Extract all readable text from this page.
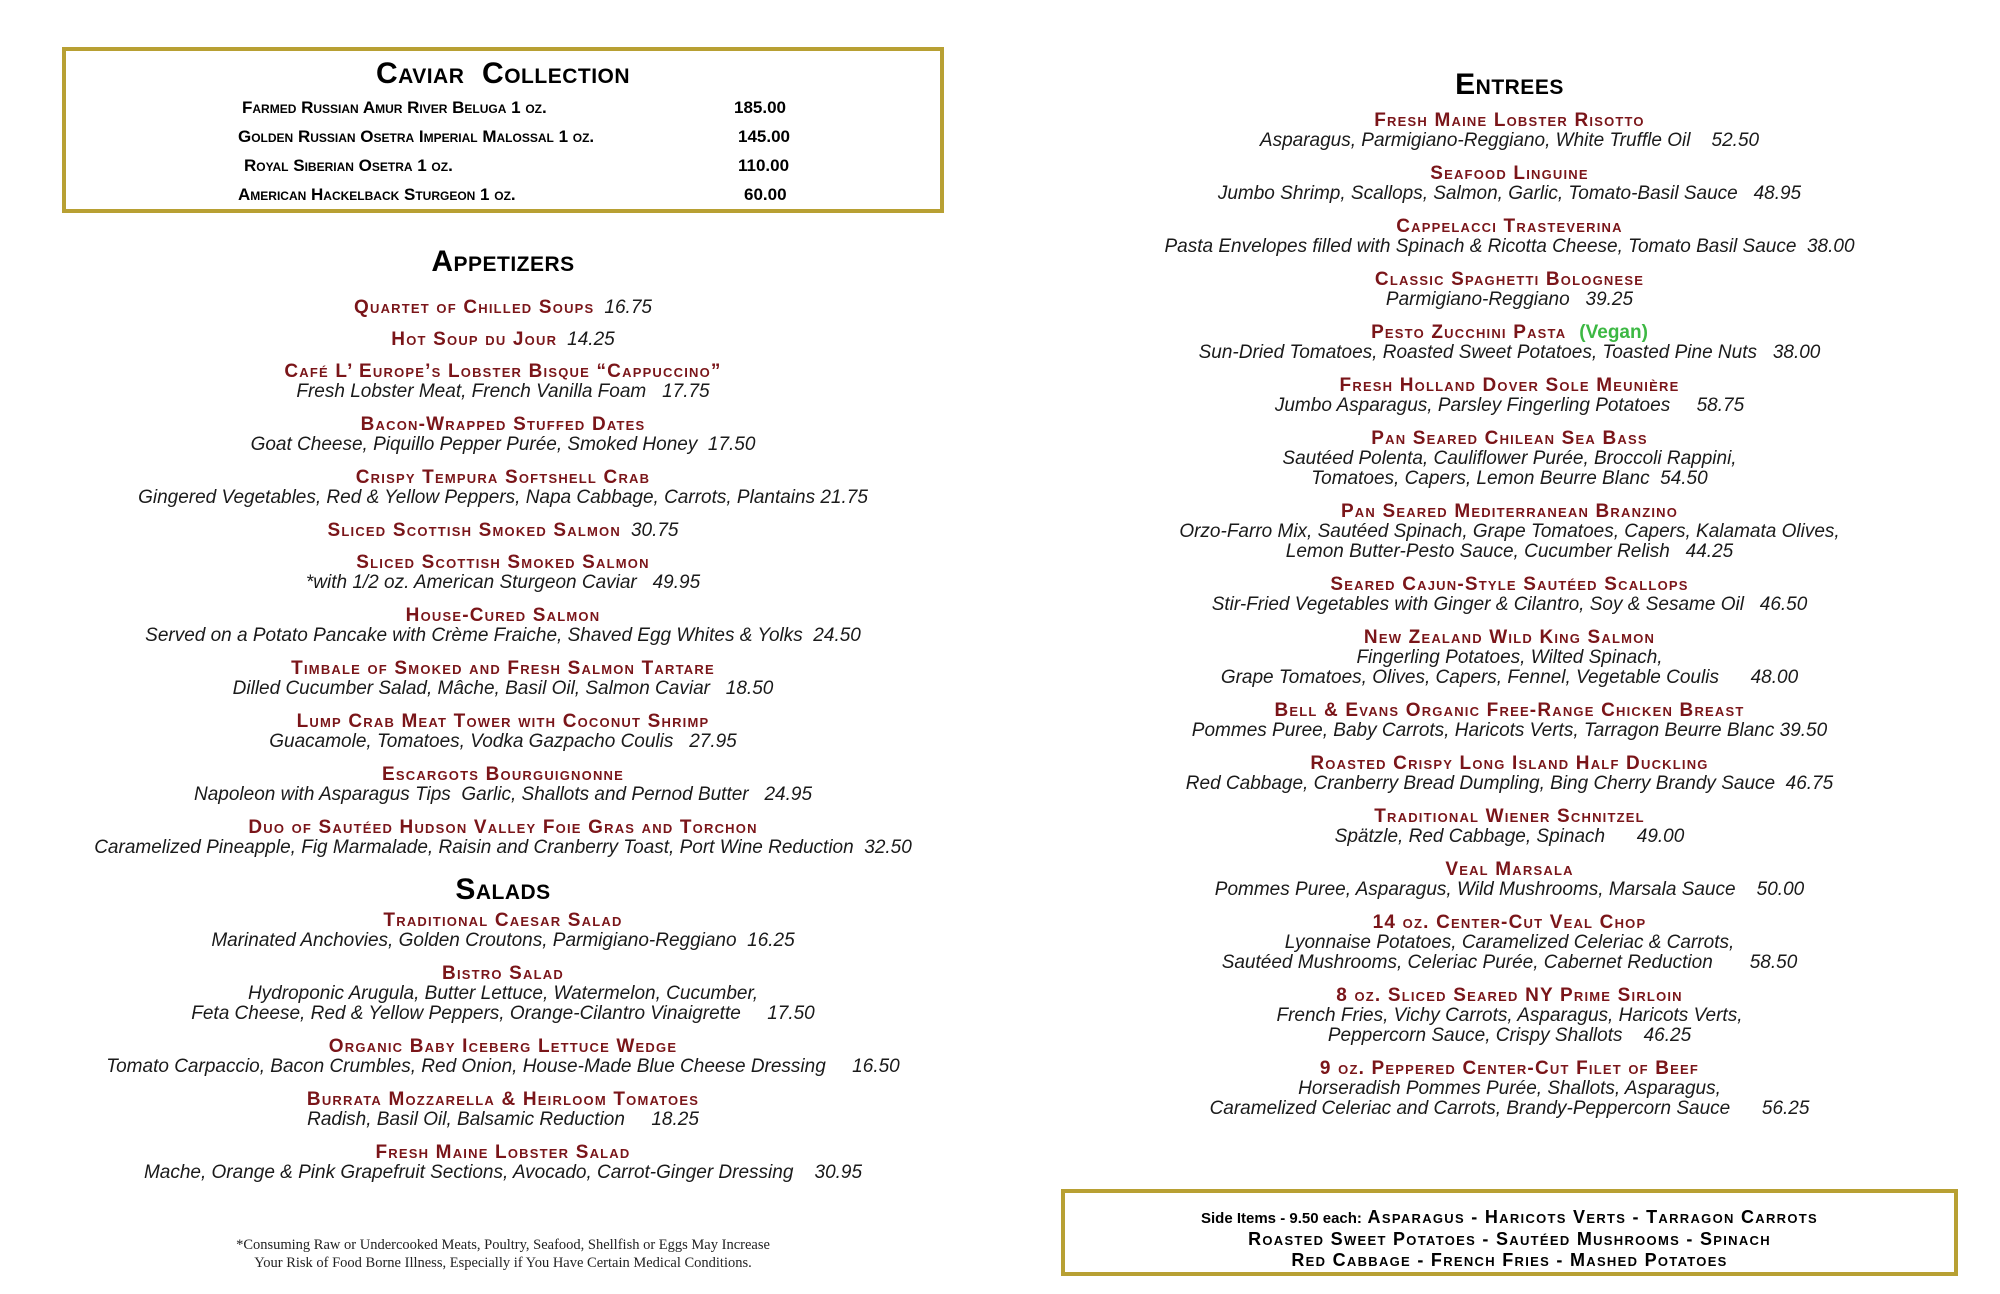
Caviar  Collection
Farmed Russian Amur River Beluga 1 oz.	185.00
Golden Russian Osetra Imperial Malossal 1 oz.	145.00
Royal Siberian Osetra 1 oz.	110.00
American Hackelback Sturgeon 1 oz.	60.00
Appetizers
Quartet of Chilled Soups 16.75
Hot Soup du Jour 14.25
Café L’ Europe’s Lobster Bisque “Cappuccino”
Fresh Lobster Meat, French Vanilla Foam   17.75
Bacon-Wrapped Stuffed Dates
Goat Cheese, Piquillo Pepper Purée, Smoked Honey  17.50
Crispy Tempura Softshell Crab
Gingered Vegetables, Red & Yellow Peppers, Napa Cabbage, Carrots, Plantains 21.75
Sliced Scottish Smoked Salmon 30.75
Sliced Scottish Smoked Salmon
*with 1/2 oz. American Sturgeon Caviar   49.95
House-Cured Salmon
Served on a Potato Pancake with Crème Fraiche, Shaved Egg Whites & Yolks  24.50
Timbale of Smoked and Fresh Salmon Tartare
Dilled Cucumber Salad, Mâche, Basil Oil, Salmon Caviar   18.50
Lump Crab Meat Tower with Coconut Shrimp
Guacamole, Tomatoes, Vodka Gazpacho Coulis   27.95
Escargots Bourguignonne
Napoleon with Asparagus Tips  Garlic, Shallots and Pernod Butter   24.95
Duo of Sautéed Hudson Valley Foie Gras and Torchon
Caramelized Pineapple, Fig Marmalade, Raisin and Cranberry Toast, Port Wine Reduction  32.50
Salads
Traditional Caesar Salad
Marinated Anchovies, Golden Croutons, Parmigiano-Reggiano  16.25
Bistro Salad
Hydroponic Arugula, Butter Lettuce, Watermelon, Cucumber,
Feta Cheese, Red & Yellow Peppers, Orange-Cilantro Vinaigrette     17.50
Organic Baby Iceberg Lettuce Wedge
Tomato Carpaccio, Bacon Crumbles, Red Onion, House-Made Blue Cheese Dressing     16.50
Burrata Mozzarella & Heirloom Tomatoes
Radish, Basil Oil, Balsamic Reduction     18.25
Fresh Maine Lobster Salad
Mache, Orange & Pink Grapefruit Sections, Avocado, Carrot-Ginger Dressing    30.95
*Consuming Raw or Undercooked Meats, Poultry, Seafood, Shellfish or Eggs May Increase
Your Risk of Food Borne Illness, Especially if You Have Certain Medical Conditions.
Entrees
Fresh Maine Lobster Risotto
Asparagus, Parmigiano-Reggiano, White Truffle Oil    52.50
Seafood Linguine
Jumbo Shrimp, Scallops, Salmon, Garlic, Tomato-Basil Sauce   48.95
Cappelacci Trasteverina
Pasta Envelopes filled with Spinach & Ricotta Cheese, Tomato Basil Sauce  38.00
Classic Spaghetti Bolognese
Parmigiano-Reggiano   39.25
Pesto Zucchini Pasta (Vegan)
Sun-Dried Tomatoes, Roasted Sweet Potatoes, Toasted Pine Nuts   38.00
Fresh Holland Dover Sole Meunière
Jumbo Asparagus, Parsley Fingerling Potatoes     58.75
Pan Seared Chilean Sea Bass
Sautéed Polenta, Cauliflower Purée, Broccoli Rappini,
Tomatoes, Capers, Lemon Beurre Blanc  54.50
Pan Seared Mediterranean Branzino
Orzo-Farro Mix, Sautéed Spinach, Grape Tomatoes, Capers, Kalamata Olives,
Lemon Butter-Pesto Sauce, Cucumber Relish   44.25
Seared Cajun-Style Sautéed Scallops
Stir-Fried Vegetables with Ginger & Cilantro, Soy & Sesame Oil   46.50
New Zealand Wild King Salmon
Fingerling Potatoes, Wilted Spinach,
Grape Tomatoes, Olives, Capers, Fennel, Vegetable Coulis      48.00
Bell & Evans Organic Free-Range Chicken Breast
Pommes Puree, Baby Carrots, Haricots Verts, Tarragon Beurre Blanc 39.50
Roasted Crispy Long Island Half Duckling
Red Cabbage, Cranberry Bread Dumpling, Bing Cherry Brandy Sauce  46.75
Traditional Wiener Schnitzel
Spätzle, Red Cabbage, Spinach      49.00
Veal Marsala
Pommes Puree, Asparagus, Wild Mushrooms, Marsala Sauce    50.00
14 oz. Center-Cut Veal Chop
Lyonnaise Potatoes, Caramelized Celeriac & Carrots,
Sautéed Mushrooms, Celeriac Purée, Cabernet Reduction       58.50
8 oz. Sliced Seared NY Prime Sirloin
French Fries, Vichy Carrots, Asparagus, Haricots Verts,
Peppercorn Sauce, Crispy Shallots    46.25
9 oz. Peppered Center-Cut Filet of Beef
Horseradish Pommes Purée, Shallots, Asparagus,
Caramelized Celeriac and Carrots, Brandy-Peppercorn Sauce      56.25
Side Items - 9.50 each: Asparagus - Haricots Verts - Tarragon Carrots
Roasted Sweet Potatoes - Sautéed Mushrooms - Spinach
Red Cabbage - French Fries - Mashed Potatoes
